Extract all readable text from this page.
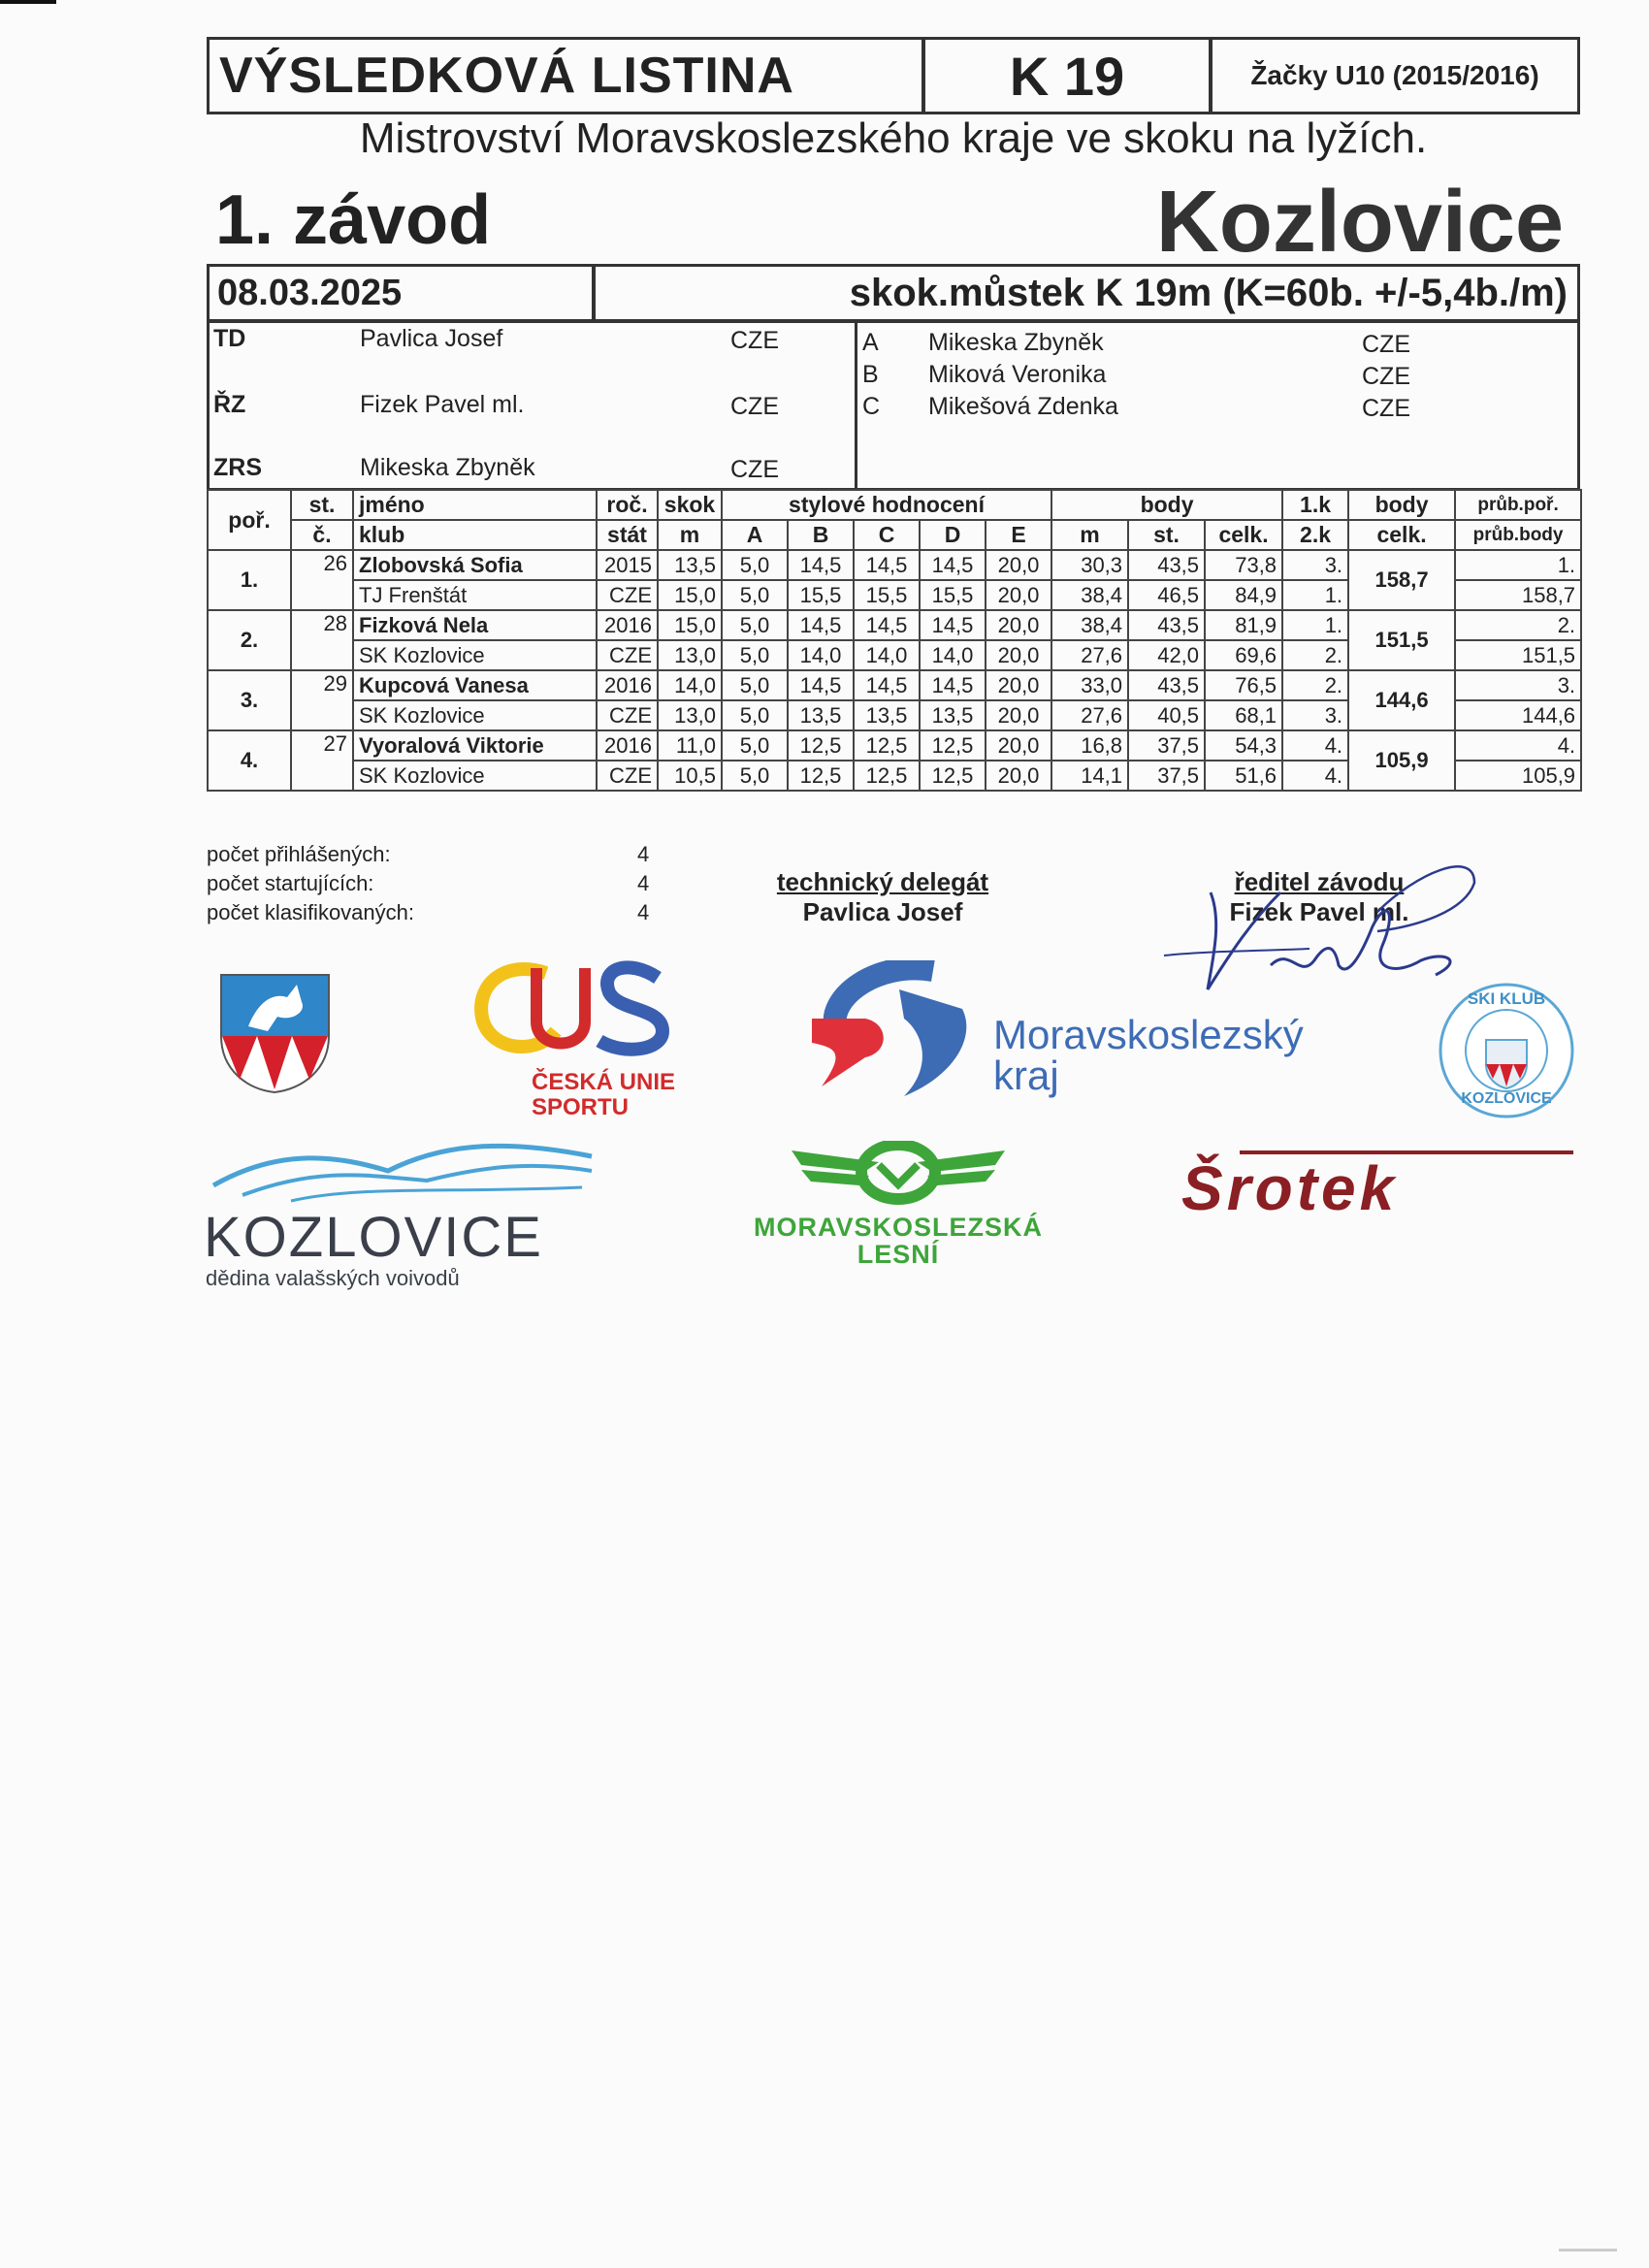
VÝSLEDKOVÁ LISTINA	K 19	Žačky U10 (2015/2016)
Mistrovství Moravskoslezského kraje ve skoku na lyžích.
1. závod	Kozlovice
08.03.2025	skok.můstek K 19m (K=60b. +/-5,4b./m)
TD	Pavlica Josef	CZE
ŘZ	Fizek Pavel ml.	CZE
ZRS	Mikeska Zbyněk	CZE
A Mikeska Zbyněk	CZE
B Miková Veronika	CZE
C Mikešová Zdenka	CZE
poř.	st.	jméno	roč.	skok	stylové hodnocení					body			1.k	body	průb.poř.
	č.	klub	stát	m	A	B	C	D	E	m	st.	celk.	2.k	celk.	průb.body
1.	26	Zlobovská Sofia	2015	13,5	5,0	14,5	14,5	14,5	20,0	30,3	43,5	73,8	3.	158,7	1.
		TJ Frenštát	CZE	15,0	5,0	15,5	15,5	15,5	20,0	38,4	46,5	84,9	1.		158,7
2.	28	Fizková Nela	2016	15,0	5,0	14,5	14,5	14,5	20,0	38,4	43,5	81,9	1.	151,5	2.
		SK Kozlovice	CZE	13,0	5,0	14,0	14,0	14,0	20,0	27,6	42,0	69,6	2.		151,5
3.	29	Kupcová Vanesa	2016	14,0	5,0	14,5	14,5	14,5	20,0	33,0	43,5	76,5	2.	144,6	3.
		SK Kozlovice	CZE	13,0	5,0	13,5	13,5	13,5	20,0	27,6	40,5	68,1	3.		144,6
4.	27	Vyoralová Viktorie	2016	11,0	5,0	12,5	12,5	12,5	20,0	16,8	37,5	54,3	4.	105,9	4.
		SK Kozlovice	CZE	10,5	5,0	12,5	12,5	12,5	20,0	14,1	37,5	51,6	4.		105,9
počet přihlášených:	4
počet startujících:	4
počet klasifikovaných:	4
technický delegát
Pavlica Josef
ředitel závodu
Fizek Pavel ml.
ČESKÁ UNIE SPORTU
Moravskoslezský
kraj
SKI KLUB
KOZLOVICE
KOZLOVICE
dědina valašských voivodů
MORAVSKOSLEZSKÁ
LESNÍ
Šrotek
